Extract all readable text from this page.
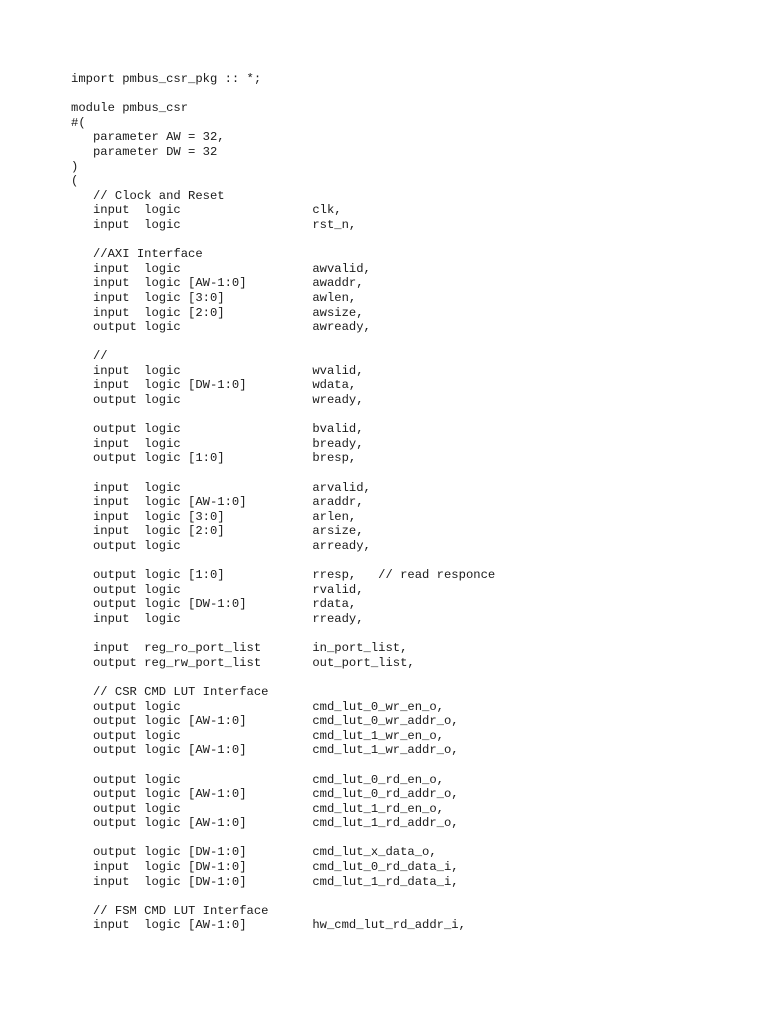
import pmbus_csr_pkg :: *;
module pmbus_csr
#(
parameter AW = 32,
parameter DW = 32
)
(
// Clock and Reset
input  logic                  clk,
input  logic                  rst_n,
//AXI Interface
input  logic                  awvalid,
input  logic [AW-1:0]         awaddr,
input  logic [3:0]            awlen,
input  logic [2:0]            awsize,
output logic                  awready,
//
input  logic                  wvalid,
input  logic [DW-1:0]         wdata,
output logic                  wready,
output logic                  bvalid,
input  logic                  bready,
output logic [1:0]            bresp,
input  logic                  arvalid,
input  logic [AW-1:0]         araddr,
input  logic [3:0]            arlen,
input  logic [2:0]            arsize,
output logic                  arready,
output logic [1:0]            rresp,   // read responce
output logic                  rvalid,
output logic [DW-1:0]         rdata,
input  logic                  rready,
input  reg_ro_port_list       in_port_list,
output reg_rw_port_list       out_port_list,
// CSR CMD LUT Interface
output logic                  cmd_lut_0_wr_en_o,
output logic [AW-1:0]         cmd_lut_0_wr_addr_o,
output logic                  cmd_lut_1_wr_en_o,
output logic [AW-1:0]         cmd_lut_1_wr_addr_o,
output logic                  cmd_lut_0_rd_en_o,
output logic [AW-1:0]         cmd_lut_0_rd_addr_o,
output logic                  cmd_lut_1_rd_en_o,
output logic [AW-1:0]         cmd_lut_1_rd_addr_o,
output logic [DW-1:0]         cmd_lut_x_data_o,
input  logic [DW-1:0]         cmd_lut_0_rd_data_i,
input  logic [DW-1:0]         cmd_lut_1_rd_data_i,
// FSM CMD LUT Interface
input  logic [AW-1:0]         hw_cmd_lut_rd_addr_i,
